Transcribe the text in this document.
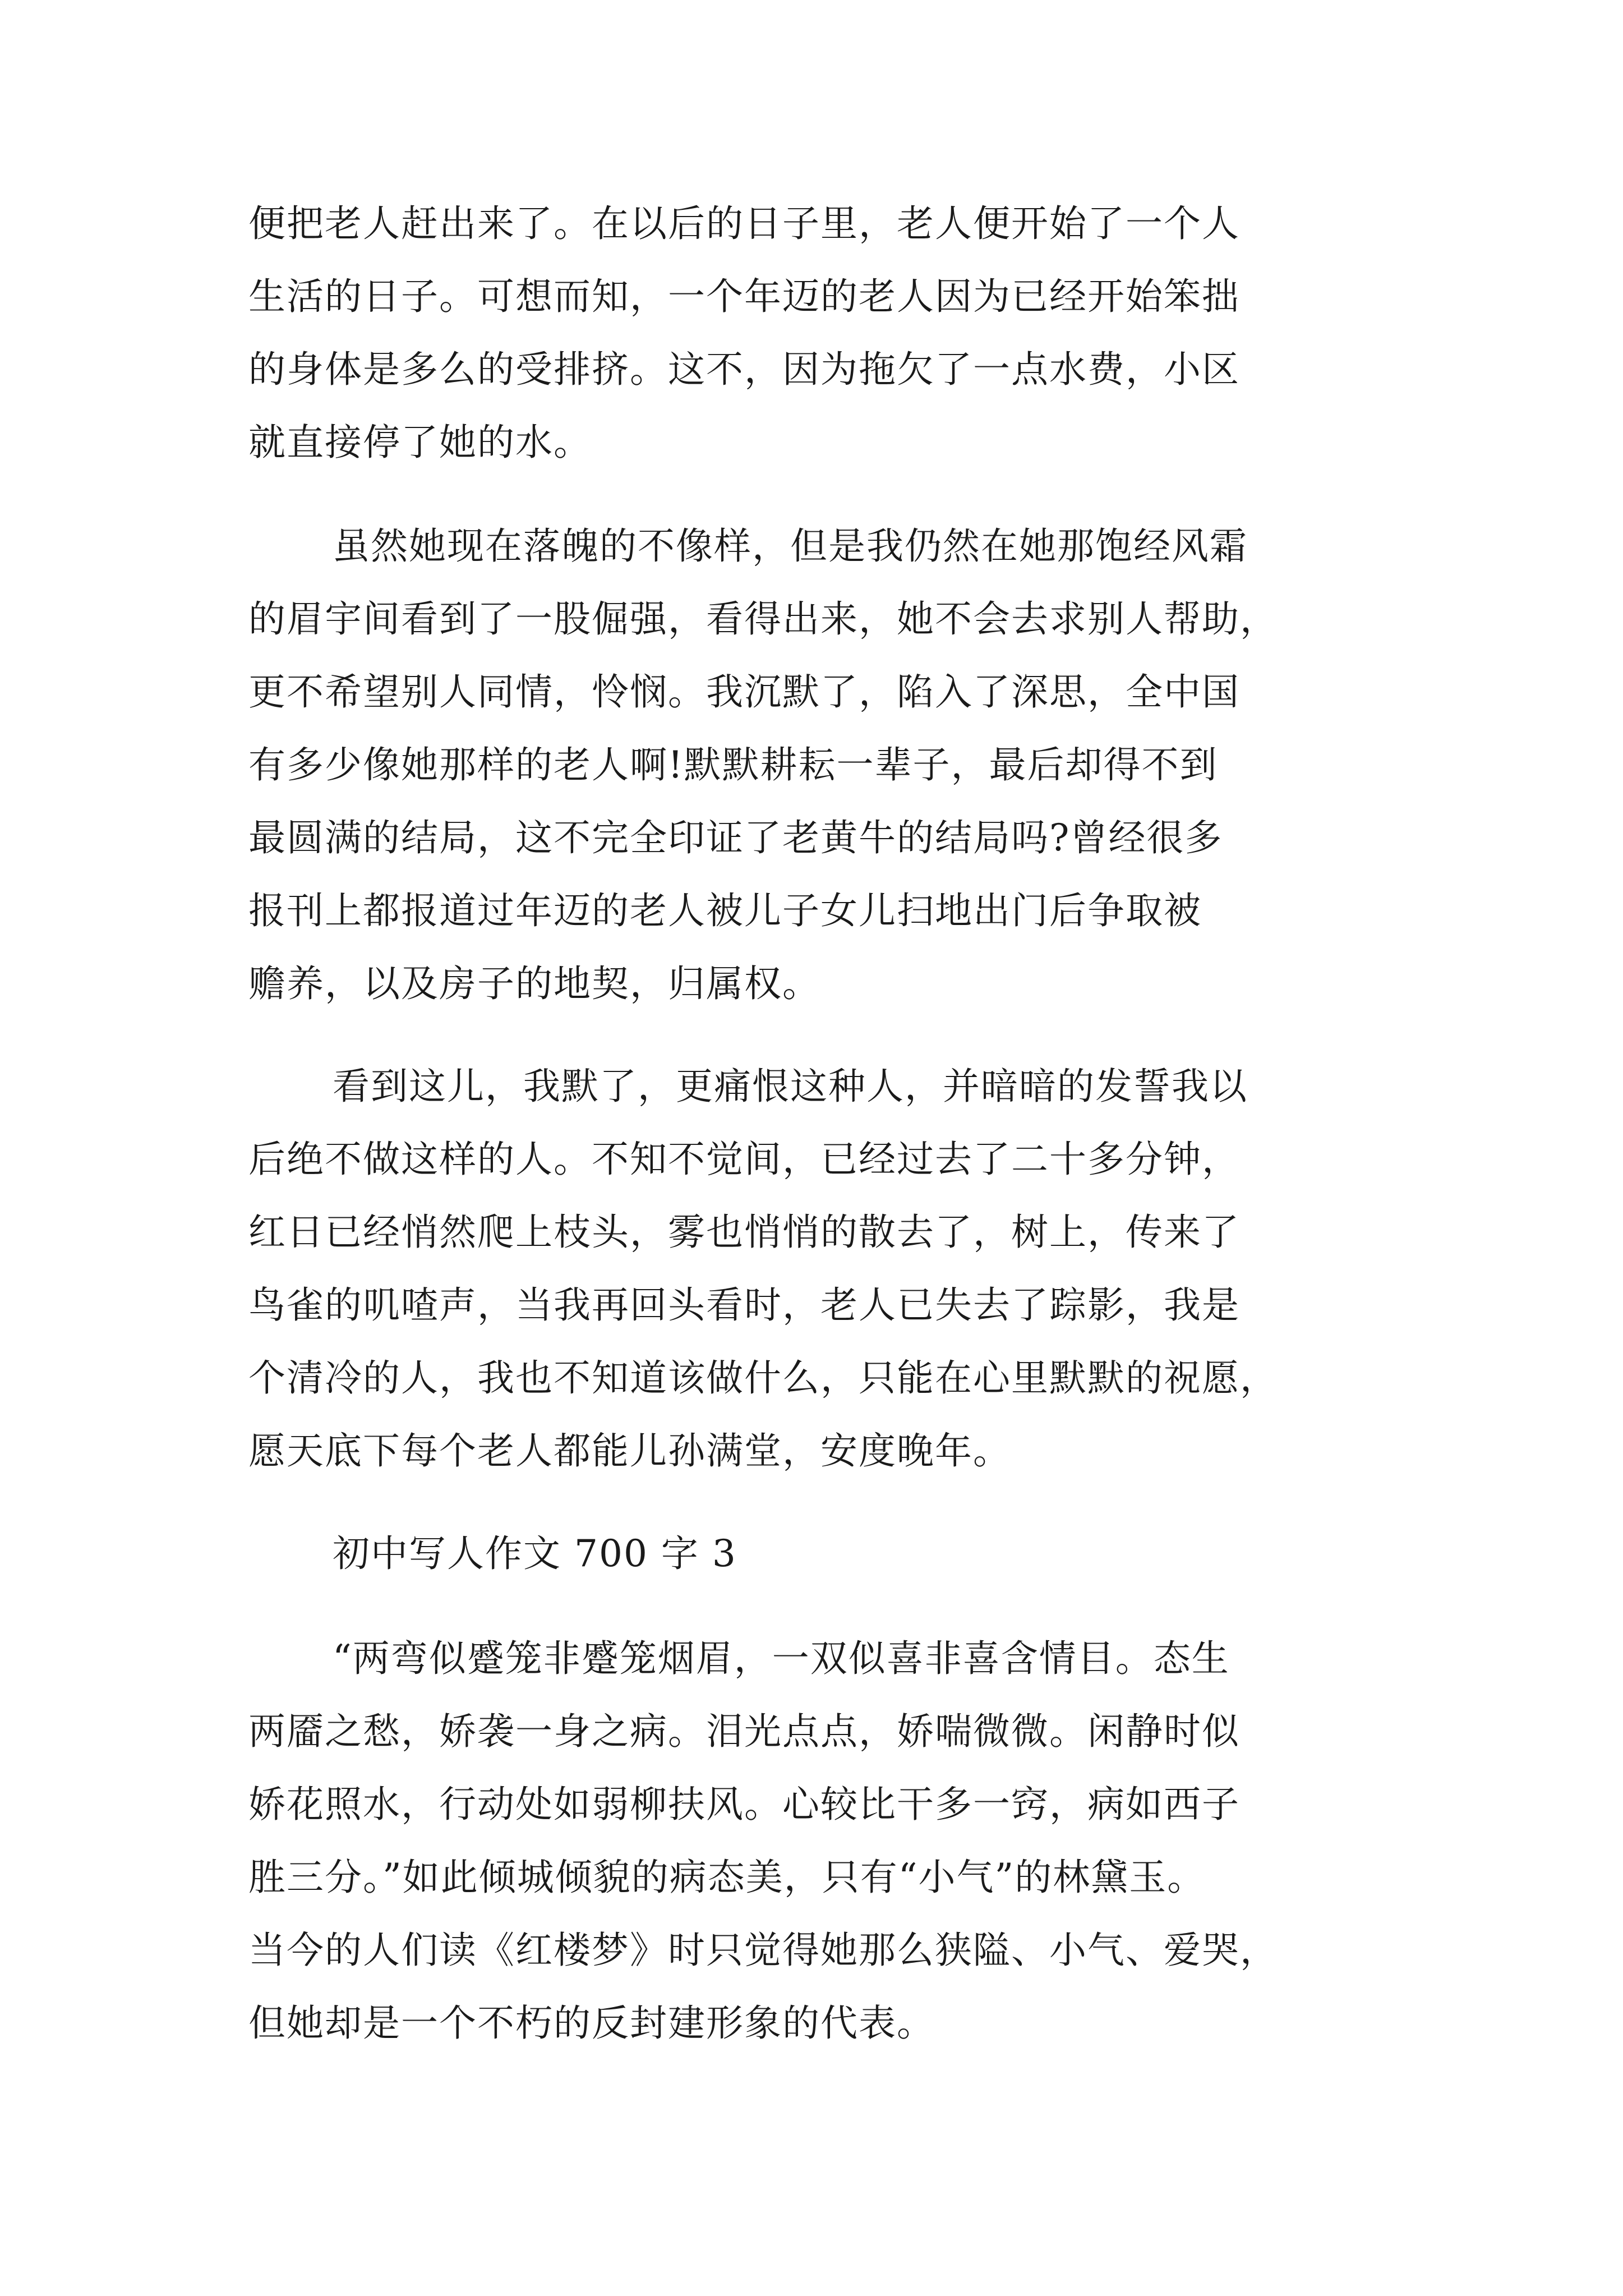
便把老人赶出来了。在以后的日子里，老人便开始了一个人
生活的日子。可想而知，一个年迈的老人因为已经开始笨拙
的身体是多么的受排挤。这不，因为拖欠了一点水费，小区
就直接停了她的水。
虽然她现在落魄的不像样，但是我仍然在她那饱经风霜
的眉宇间看到了一股倔强，看得出来，她不会去求别人帮助，
更不希望别人同情，怜悯。我沉默了，陷入了深思，全中国
有多少像她那样的老人啊!默默耕耘一辈子，最后却得不到
最圆满的结局，这不完全印证了老黄牛的结局吗?曾经很多
报刊上都报道过年迈的老人被儿子女儿扫地出门后争取被
赡养，以及房子的地契，归属权。
看到这儿，我默了，更痛恨这种人，并暗暗的发誓我以
后绝不做这样的人。不知不觉间，已经过去了二十多分钟，
红日已经悄然爬上枝头，雾也悄悄的散去了，树上，传来了
鸟雀的叽喳声，当我再回头看时，老人已失去了踪影，我是
个清冷的人，我也不知道该做什么，只能在心里默默的祝愿，
愿天底下每个老人都能儿孙满堂，安度晚年。
初中写人作文 700 字 3
“两弯似蹙笼非蹙笼烟眉，一双似喜非喜含情目。态生
两靥之愁，娇袭一身之病。泪光点点，娇喘微微。闲静时似
娇花照水，行动处如弱柳扶风。心较比干多一窍，病如西子
胜三分。”如此倾城倾貌的病态美，只有“小气”的林黛玉。
当今的人们读《红楼梦》时只觉得她那么狭隘、小气、爱哭，
但她却是一个不朽的反封建形象的代表。
